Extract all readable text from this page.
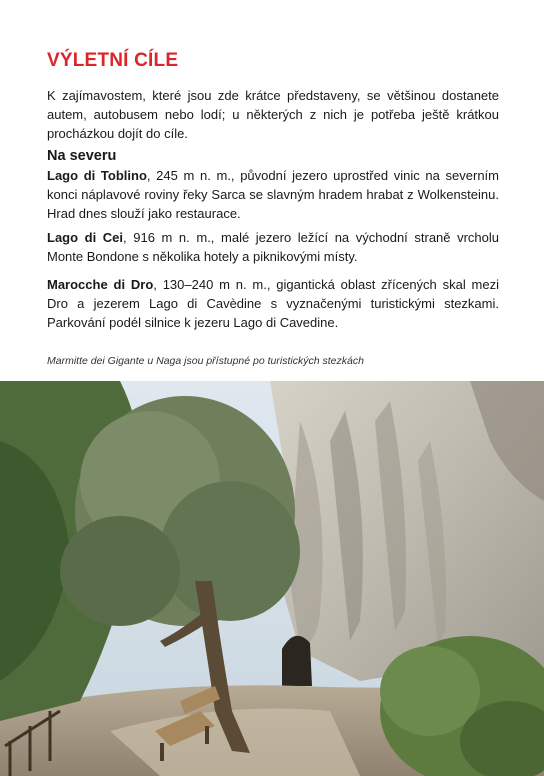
VÝLETNÍ CÍLE

K zajímavostem, které jsou zde krátce představeny, se většinou dostanete autem, autobusem nebo lodí; u některých z nich je potřeba ještě krátkou procházkou dojít do cíle.

Na severu

Lago di Toblino, 245 m n. m., původní jezero uprostřed vinic na severním konci náplavové roviny řeky Sarca se slavným hradem hrabat z Wolkensteinu. Hrad dnes slouží jako restaurace.

Lago di Cei, 916 m n. m., malé jezero ležící na východní straně vrcholu Monte Bondone s několika hotely a piknikovými místy.

Marocche di Dro, 130–240 m n. m., gigantická oblast zřícených skal mezi Dro a jezerem Lago di Cavèdine s vyznačenými turistickými stezkami. Parkování podél silnice k jezeru Lago di Cavedine.

Marmitte dei Gigante u Naga jsou přístupné po turistických stezkách
